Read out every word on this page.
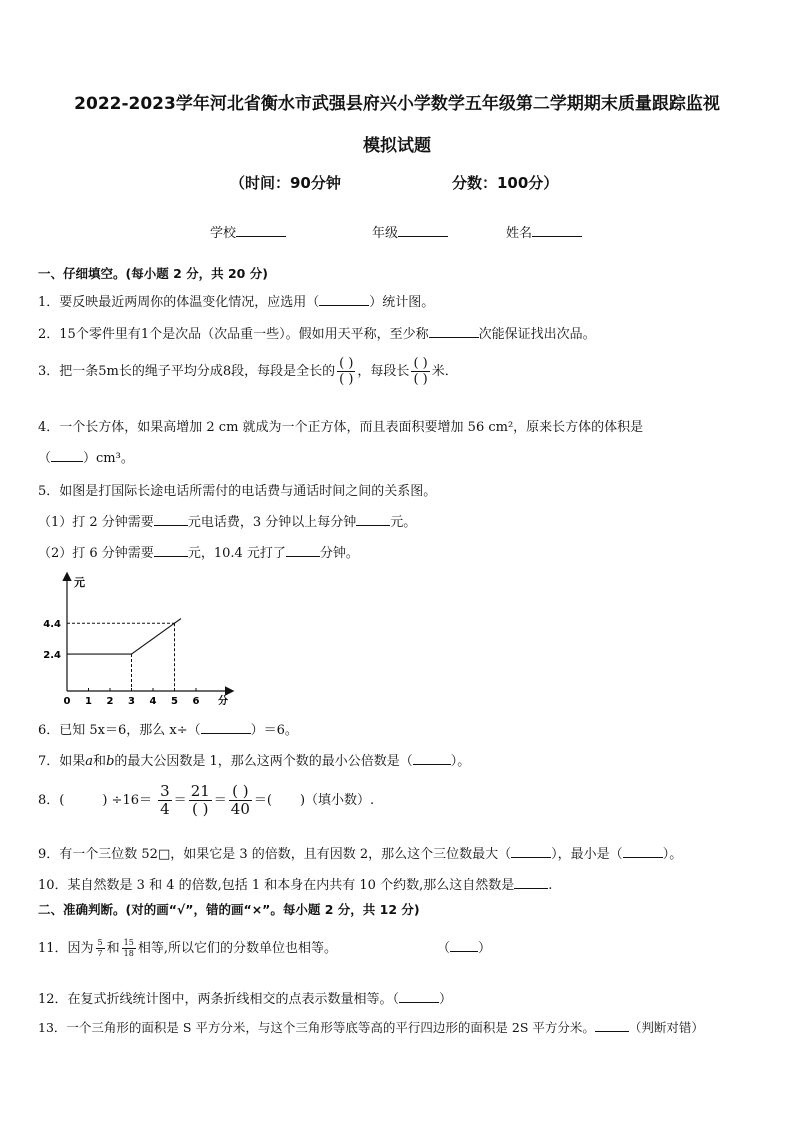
2022-2023学年河北省衡水市武强县府兴小学数学五年级第二学期期末质量跟踪监视
模拟试题
（时间：90分钟	分数：100分）
学校	年级	姓名
一、仔细填空。(每小题 2 分，共 20 分)
1．要反映最近两周你的体温变化情况，应选用（	）统计图。
2．15个零件里有1个是次品（次品重一些）。假如用天平称，至少称	次能保证找出次品。
3．把一条5m长的绳子平均分成8段，每段是全长的 $\frac{( )}{( )}$ ，每段长 $\frac{( )}{( )}$ 米．
4．一个长方体，如果高增加 2 cm 就成为一个正方体，而且表面积要增加 56 cm²，原来长方体的体积是
（ ）cm³。
5．如图是打国际长途电话所需付的电话费与通话时间之间的关系图。
（1）打 2 分钟需要	元电话费，3 分钟以上每分钟	元。
（2）打 6 分钟需要	元，10.4 元打了	分钟。
元
0 1 2 3 4 5 6 分
2.4
4.4
6．已知 5x＝6，那么 x÷（	）＝6。
7．如果a和b的最大公因数是 1，那么这两个数的最小公倍数是（	）。
8．(	) $\div 16= \frac{3}{4} = \frac{21}{( )} = \frac{( )}{40}$ ＝( )（填小数）.
9．有一个三位数 52□，如果它是 3 的倍数，且有因数 2，那么这个三位数最大（	），最小是（	）。
10．某自然数是 3 和 4 的倍数,包括 1 和本身在内共有 10 个约数,那么这自然数是	.
二、准确判断。(对的画“√”，错的画“×”。每小题 2 分，共 12 分)
11．因为 $\frac{5}{7}$ 和 $\frac{15}{18}$ 相等,所以它们的分数单位也相等。	（ ）
12．在复式折线统计图中，两条折线相交的点表示数量相等。（	）
13．一个三角形的面积是 S 平方分米，与这个三角形等底等高的平行四边形的面积是 2S 平方分米。	（判断对错）
